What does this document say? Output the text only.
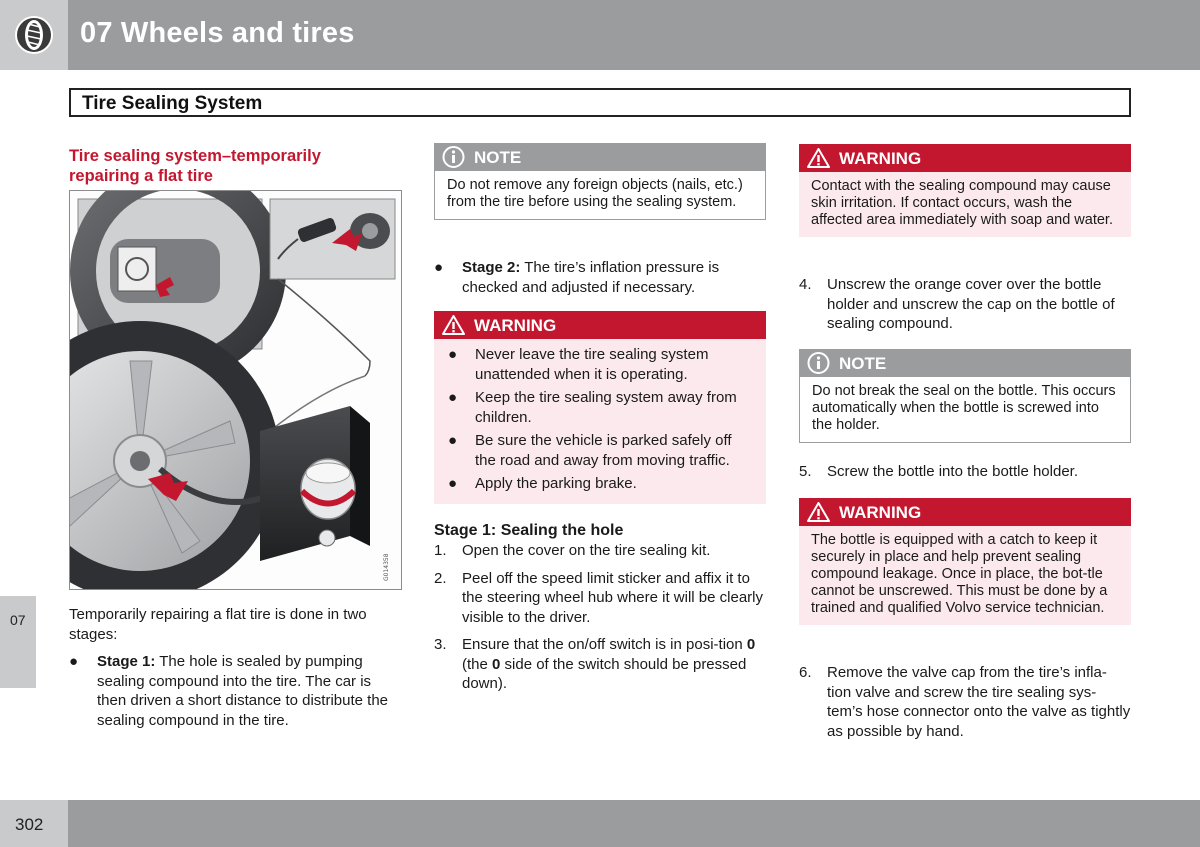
07 Wheels and tires
Tire Sealing System
Tire sealing system–temporarily
repairing a flat tire
G014358
Temporarily repairing a flat tire is done in two stages:
● Stage 1: The hole is sealed by pumping sealing compound into the tire. The car is then driven a short distance to distribute the sealing compound in the tire.
NOTE
Do not remove any foreign objects (nails, etc.) from the tire before using the sealing system.
● Stage 2: The tire’s inflation pressure is checked and adjusted if necessary.
WARNING
● Never leave the tire sealing system unattended when it is operating.
● Keep the tire sealing system away from children.
● Be sure the vehicle is parked safely off the road and away from moving traffic.
● Apply the parking brake.
Stage 1: Sealing the hole
1. Open the cover on the tire sealing kit.
2. Peel off the speed limit sticker and affix it to the steering wheel hub where it will be clearly visible to the driver.
3. Ensure that the on/off switch is in posi-tion 0 (the 0 side of the switch should be pressed down).
WARNING
Contact with the sealing compound may cause skin irritation. If contact occurs, wash the affected area immediately with soap and water.
4. Unscrew the orange cover over the bottle holder and unscrew the cap on the bottle of sealing compound.
NOTE
Do not break the seal on the bottle. This occurs automatically when the bottle is screwed into the holder.
5. Screw the bottle into the bottle holder.
WARNING
The bottle is equipped with a catch to keep it securely in place and help prevent sealing compound leakage. Once in place, the bot-tle cannot be unscrewed. This must be done by a trained and qualified Volvo service technician.
6. Remove the valve cap from the tire’s infla-tion valve and screw the tire sealing sys-tem’s hose connector onto the valve as tightly as possible by hand.
07
302
